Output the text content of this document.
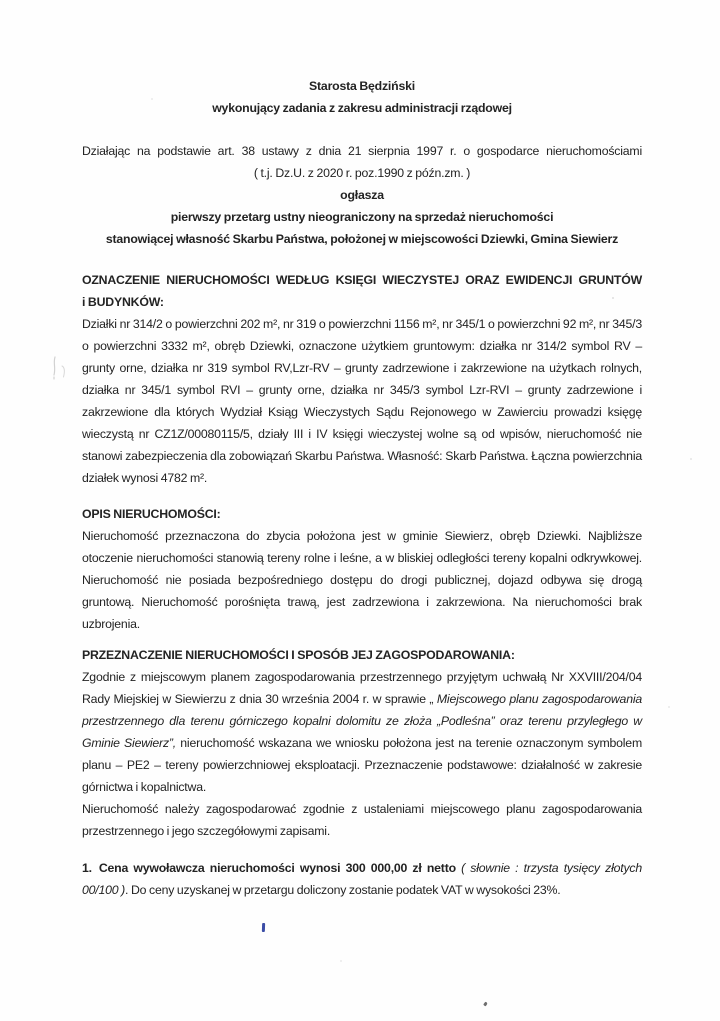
Starosta Będziński
wykonujący zadania z zakresu administracji rządowej
Działając na podstawie art. 38 ustawy z dnia 21 sierpnia 1997 r. o gospodarce nieruchomościami
( t.j. Dz.U. z 2020 r. poz.1990 z późn.zm. )
ogłasza
pierwszy przetarg ustny nieograniczony na sprzedaż nieruchomości
stanowiącej własność Skarbu Państwa, położonej w miejscowości Dziewki, Gmina Siewierz
OZNACZENIE NIERUCHOMOŚCI WEDŁUG KSIĘGI WIECZYSTEJ ORAZ EWIDENCJI GRUNTÓW
i BUDYNKÓW:

Działki nr 314/2 o powierzchni 202 m², nr 319 o powierzchni 1156 m², nr 345/1 o powierzchni 92 m², nr 345/3 o powierzchni 3332 m², obręb Dziewki, oznaczone użytkiem gruntowym: działka nr 314/2 symbol RV – grunty orne, działka nr 319 symbol RV,Lzr-RV – grunty zadrzewione i zakrzewione na użytkach rolnych, działka nr 345/1 symbol RVI – grunty orne, działka nr 345/3 symbol Lzr-RVI – grunty zadrzewione i zakrzewione dla których Wydział Ksiąg Wieczystych Sądu Rejonowego w Zawierciu prowadzi księgę wieczystą nr CZ1Z/00080115/5, działy III i IV księgi wieczystej wolne są od wpisów, nieruchomość nie stanowi zabezpieczenia dla zobowiązań Skarbu Państwa. Własność: Skarb Państwa. Łączna powierzchnia działek wynosi 4782 m².

OPIS NIERUCHOMOŚCI:

Nieruchomość przeznaczona do zbycia położona jest w gminie Siewierz, obręb Dziewki. Najbliższe otoczenie nieruchomości stanowią tereny rolne i leśne, a w bliskiej odległości tereny kopalni odkrywkowej. Nieruchomość nie posiada bezpośredniego dostępu do drogi publicznej, dojazd odbywa się drogą gruntową. Nieruchomość porośnięta trawą, jest zadrzewiona i zakrzewiona. Na nieruchomości brak uzbrojenia.

PRZEZNACZENIE NIERUCHOMOŚCI I SPOSÓB JEJ ZAGOSPODAROWANIA:

Zgodnie z miejscowym planem zagospodarowania przestrzennego przyjętym uchwałą Nr XXVIII/204/04 Rady Miejskiej w Siewierzu z dnia 30 września 2004 r. w sprawie „ Miejscowego planu zagospodarowania przestrzennego dla terenu górniczego kopalni dolomitu ze złoża „Podleśna” oraz terenu przyległego w Gminie Siewierz”, nieruchomość wskazana we wniosku położona jest na terenie oznaczonym symbolem planu – PE2 – tereny powierzchniowej eksploatacji. Przeznaczenie podstawowe: działalność w zakresie górnictwa i kopalnictwa.

Nieruchomość należy zagospodarować zgodnie z ustaleniami miejscowego planu zagospodarowania przestrzennego i jego szczegółowymi zapisami.

1. Cena wywoławcza nieruchomości wynosi 300 000,00 zł netto ( słownie : trzysta tysięcy złotych 00/100 ). Do ceny uzyskanej w przetargu doliczony zostanie podatek VAT w wysokości 23%.
